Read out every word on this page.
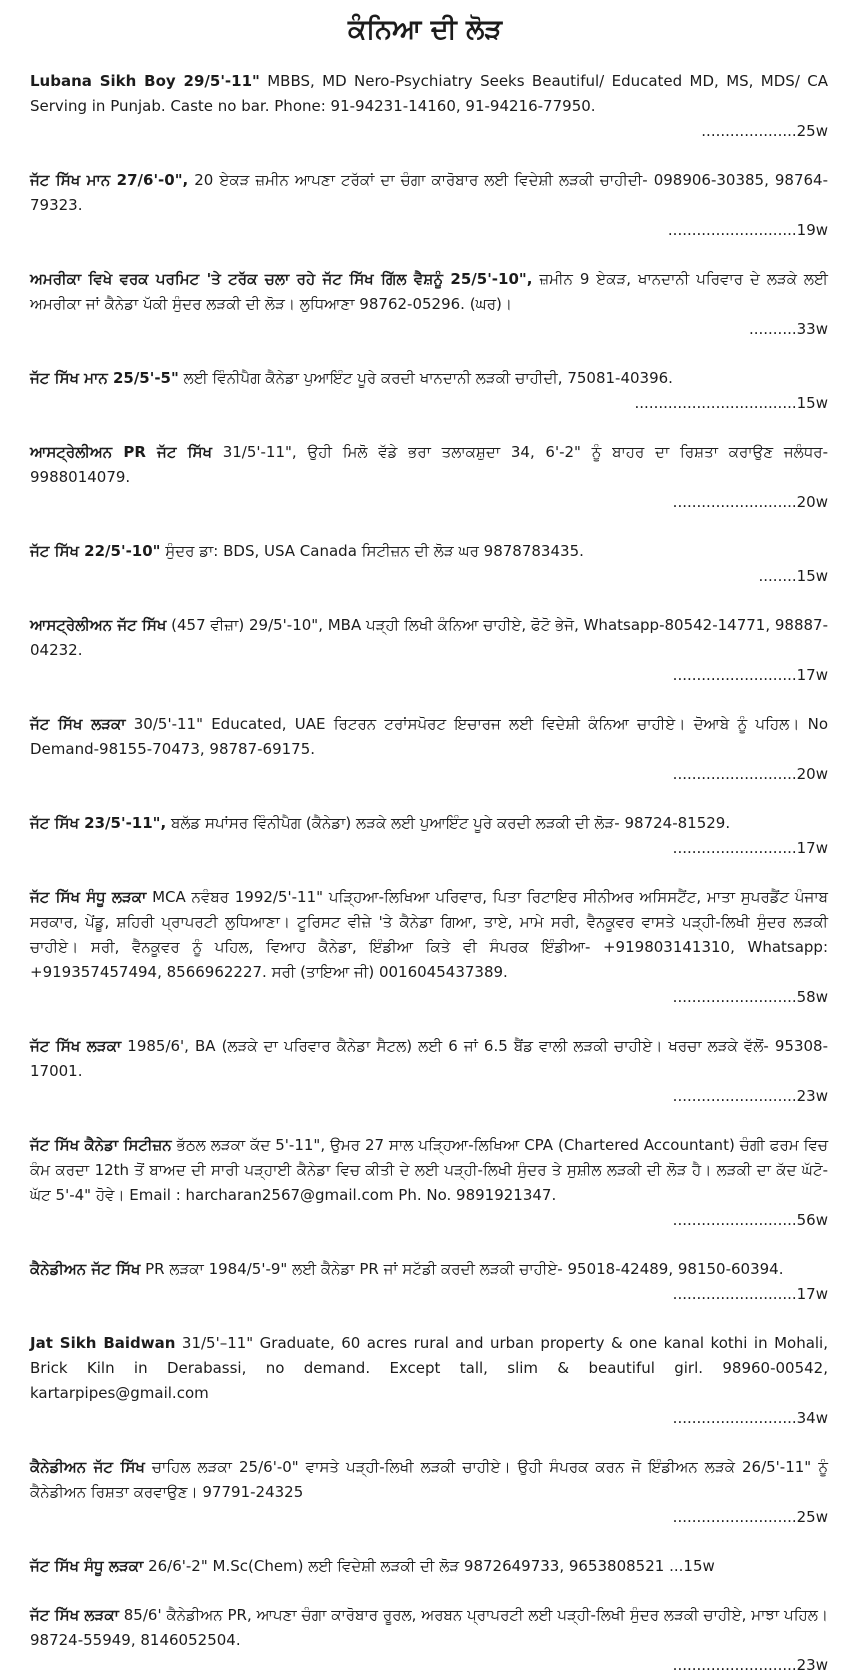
ਕੰਨਿਆ ਦੀ ਲੋੜ

Lubana Sikh Boy 29/5'-11" MBBS, MD Nero-Psychiatry Seeks Beautiful/ Educated MD, MS, MDS/ CA Serving in Punjab. Caste no bar. Phone: 91-94231-14160, 91-94216-77950.
....................25w

ਜੱਟ ਸਿੱਖ ਮਾਨ 27/6'-0", 20 ਏਕੜ ਜ਼ਮੀਨ ਆਪਣਾ ਟਰੱਕਾਂ ਦਾ ਚੰਗਾ ਕਾਰੋਬਾਰ ਲਈ ਵਿਦੇਸ਼ੀ ਲੜਕੀ ਚਾਹੀਦੀ- 098906-30385, 98764-79323.
...........................19w

ਅਮਰੀਕਾ ਵਿਖੇ ਵਰਕ ਪਰਮਿਟ 'ਤੇ ਟਰੱਕ ਚਲਾ ਰਹੇ ਜੱਟ ਸਿੱਖ ਗਿੱਲ ਵੈਸ਼ਨੂੰ 25/5'-10", ਜ਼ਮੀਨ 9 ਏਕੜ, ਖਾਨਦਾਨੀ ਪਰਿਵਾਰ ਦੇ ਲੜਕੇ ਲਈ ਅਮਰੀਕਾ ਜਾਂ ਕੈਨੇਡਾ ਪੱਕੀ ਸੁੰਦਰ ਲੜਕੀ ਦੀ ਲੋੜ। ਲੁਧਿਆਣਾ 98762-05296. (ਘਰ)।
..........33w

ਜੱਟ ਸਿੱਖ ਮਾਨ 25/5'-5" ਲਈ ਵਿੰਨੀਪੈਗ ਕੈਨੇਡਾ ਪੁਆਇੰਟ ਪੂਰੇ ਕਰਦੀ ਖਾਨਦਾਨੀ ਲੜਕੀ ਚਾਹੀਦੀ, 75081-40396.
..................................15w

ਆਸਟ੍ਰੇਲੀਅਨ PR ਜੱਟ ਸਿੱਖ 31/5'-11", ਉਹੀ ਮਿਲੋ ਵੱਡੇ ਭਰਾ ਤਲਾਕਸ਼ੁਦਾ 34, 6'-2" ਨੂੰ ਬਾਹਰ ਦਾ ਰਿਸ਼ਤਾ ਕਰਾਉਣ ਜਲੰਧਰ- 9988014079.
..........................20w

ਜੱਟ ਸਿੱਖ 22/5'-10" ਸੁੰਦਰ ਡਾ: BDS, USA Canada ਸਿਟੀਜ਼ਨ ਦੀ ਲੋੜ ਘਰ 9878783435.
........15w

ਆਸਟ੍ਰੇਲੀਅਨ ਜੱਟ ਸਿੱਖ (457 ਵੀਜ਼ਾ) 29/5'-10", MBA ਪੜ੍ਹੀ ਲਿਖੀ ਕੰਨਿਆ ਚਾਹੀਏ, ਫੋਟੋ ਭੇਜੋ, Whatsapp-80542-14771, 98887-04232.
..........................17w

ਜੱਟ ਸਿੱਖ ਲੜਕਾ 30/5'-11" Educated, UAE ਰਿਟਰਨ ਟਰਾਂਸਪੋਰਟ ਇਚਾਰਜ ਲਈ ਵਿਦੇਸ਼ੀ ਕੰਨਿਆ ਚਾਹੀਏ। ਦੋਆਬੇ ਨੂੰ ਪਹਿਲ। No Demand-98155-70473, 98787-69175.
..........................20w

ਜੱਟ ਸਿੱਖ 23/5'-11", ਬਲੱਡ ਸਪਾਂਸਰ ਵਿੰਨੀਪੈਗ (ਕੈਨੇਡਾ) ਲੜਕੇ ਲਈ ਪੁਆਇੰਟ ਪੂਰੇ ਕਰਦੀ ਲੜਕੀ ਦੀ ਲੋੜ- 98724-81529.
..........................17w

ਜੱਟ ਸਿੱਖ ਸੰਧੂ ਲੜਕਾ MCA ਨਵੰਬਰ 1992/5'-11" ਪੜ੍ਹਿਆ-ਲਿਖਿਆ ਪਰਿਵਾਰ, ਪਿਤਾ ਰਿਟਾਇਰ ਸੀਨੀਅਰ ਅਸਿਸਟੈਂਟ, ਮਾਤਾ ਸੁਪਰਡੈਂਟ ਪੰਜਾਬ ਸਰਕਾਰ, ਪੇਂਡੂ, ਸ਼ਹਿਰੀ ਪ੍ਰਾਪਰਟੀ ਲੁਧਿਆਣਾ। ਟੂਰਿਸਟ ਵੀਜ਼ੇ 'ਤੇ ਕੈਨੇਡਾ ਗਿਆ, ਤਾਏ, ਮਾਮੇ ਸਰੀ, ਵੈਨਕੂਵਰ ਵਾਸਤੇ ਪੜ੍ਹੀ-ਲਿਖੀ ਸੁੰਦਰ ਲੜਕੀ ਚਾਹੀਏ। ਸਰੀ, ਵੈਨਕੂਵਰ ਨੂੰ ਪਹਿਲ, ਵਿਆਹ ਕੈਨੇਡਾ, ਇੰਡੀਆ ਕਿਤੇ ਵੀ ਸੰਪਰਕ ਇੰਡੀਆ- +919803141310, Whatsapp: +919357457494, 8566962227. ਸਰੀ (ਤਾਇਆ ਜੀ) 0016045437389.
..........................58w

ਜੱਟ ਸਿੱਖ ਲੜਕਾ 1985/6', BA (ਲੜਕੇ ਦਾ ਪਰਿਵਾਰ ਕੈਨੇਡਾ ਸੈਟਲ) ਲਈ 6 ਜਾਂ 6.5 ਬੈਂਡ ਵਾਲੀ ਲੜਕੀ ਚਾਹੀਏ। ਖਰਚਾ ਲੜਕੇ ਵੱਲੋਂ- 95308-17001.
..........................23w

ਜੱਟ ਸਿੱਖ ਕੈਨੇਡਾ ਸਿਟੀਜ਼ਨ ਭੱਠਲ ਲੜਕਾ ਕੱਦ 5'-11", ਉਮਰ 27 ਸਾਲ ਪੜ੍ਹਿਆ-ਲਿਖਿਆ CPA (Chartered Accountant) ਚੰਗੀ ਫਰਮ ਵਿਚ ਕੰਮ ਕਰਦਾ 12th ਤੋਂ ਬਾਅਦ ਦੀ ਸਾਰੀ ਪੜ੍ਹਾਈ ਕੈਨੇਡਾ ਵਿਚ ਕੀਤੀ ਦੇ ਲਈ ਪੜ੍ਹੀ-ਲਿਖੀ ਸੁੰਦਰ ਤੇ ਸੁਸ਼ੀਲ ਲੜਕੀ ਦੀ ਲੋੜ ਹੈ। ਲੜਕੀ ਦਾ ਕੱਦ ਘੱਟੋ-ਘੱਟ 5'-4" ਹੋਵੇ। Email : harcharan2567@gmail.com Ph. No. 9891921347.
..........................56w

ਕੈਨੇਡੀਅਨ ਜੱਟ ਸਿੱਖ PR ਲੜਕਾ 1984/5'-9" ਲਈ ਕੈਨੇਡਾ PR ਜਾਂ ਸਟੱਡੀ ਕਰਦੀ ਲੜਕੀ ਚਾਹੀਏ- 95018-42489, 98150-60394.
..........................17w

Jat Sikh Baidwan 31/5'–11" Graduate, 60 acres rural and urban property & one kanal kothi in Mohali, Brick Kiln in Derabassi, no demand. Except tall, slim & beautiful girl. 98960-00542, kartarpipes@gmail.com
..........................34w

ਕੈਨੇਡੀਅਨ ਜੱਟ ਸਿੱਖ ਚਾਹਿਲ ਲੜਕਾ 25/6'-0" ਵਾਸਤੇ ਪੜ੍ਹੀ-ਲਿਖੀ ਲੜਕੀ ਚਾਹੀਏ। ਉਹੀ ਸੰਪਰਕ ਕਰਨ ਜੋ ਇੰਡੀਅਨ ਲੜਕੇ 26/5'-11" ਨੂੰ ਕੈਨੇਡੀਅਨ ਰਿਸ਼ਤਾ ਕਰਵਾਉਣ। 97791-24325
..........................25w

ਜੱਟ ਸਿੱਖ ਸੰਧੂ ਲੜਕਾ 26/6'-2" M.Sc(Chem) ਲਈ ਵਿਦੇਸ਼ੀ ਲੜਕੀ ਦੀ ਲੋੜ 9872649733, 9653808521 ...15w

ਜੱਟ ਸਿੱਖ ਲੜਕਾ 85/6' ਕੈਨੇਡੀਅਨ PR, ਆਪਣਾ ਚੰਗਾ ਕਾਰੋਬਾਰ ਰੂਰਲ, ਅਰਬਨ ਪ੍ਰਾਪਰਟੀ ਲਈ ਪੜ੍ਹੀ-ਲਿਖੀ ਸੁੰਦਰ ਲੜਕੀ ਚਾਹੀਏ, ਮਾਝਾ ਪਹਿਲ। 98724-55949, 8146052504.
..........................23w
